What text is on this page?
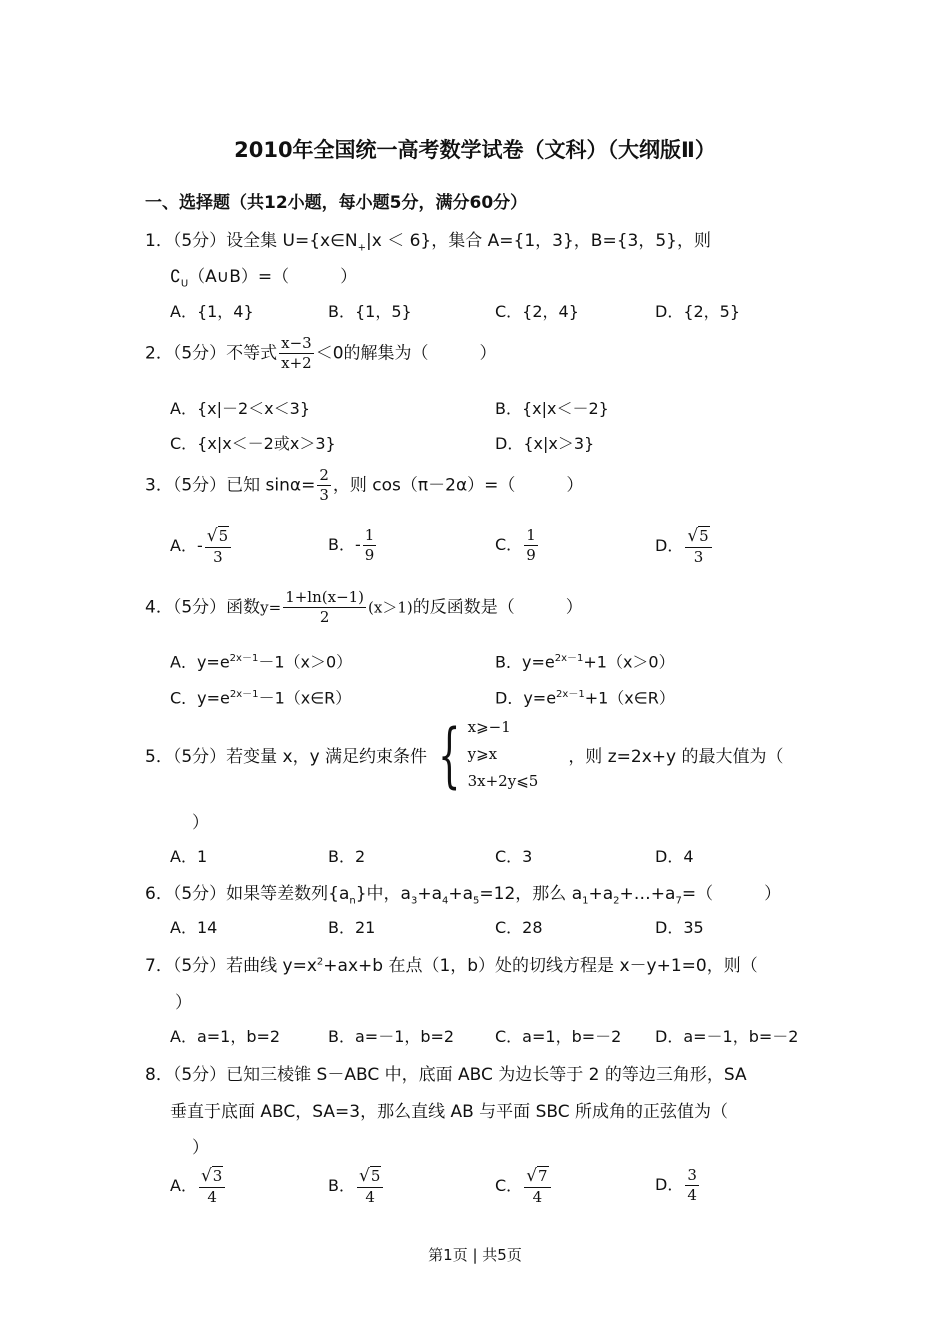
2010年全国统一高考数学试卷（文科）（大纲版Ⅱ）
一、选择题（共12小题，每小题5分，满分60分）
1．（5分）设全集 $U=\{x\in N_+|x < 6\}$，集合 A={1，3}，B={3，5}，则
$∁_U(A\cup B)=$（　　　）
A．{1，4}	B．{1，5}	C．{2，4}	D．{2，5}
2．（5分）不等式 $\frac{x-3}{x+2} <0$的解集为（　　　）
A．{x|－2＜x＜3}	B．{x|x＜－2}
C．{x|x＜－2或x＞3}	D．{x|x＞3}
3．（5分）已知 $\sin\alpha= \frac{2}{3}$ ，则 cos（π－2α）=（　　　）
A．- $\frac{√5}{3}$	B．- $\frac{1}{9}$	C． $\frac{1}{9}$	D． $\frac{√5}{3}$
4．（5分）函数$y= \frac{1+\ln(x-1)}{2} (x>1)$的反函数是（　　　）
A．$y=e^{2x-1}-1(x>0)$	B．$y=e^{2x-1}+1(x>0)$
C．$y=e^{2x-1}-1(x\in R)$	D．$y=e^{2x-1}+1(x\in R)$
5．（5分）若变量 x，y 满足约束条件 { x⩾−1
y⩾x
3x+2y⩽5
，则 z=2x+y 的最大值为（
）
A．1	B．2	C．3	D．4
6．（5分）如果等差数列$\{a_n\}$中，$a_3+a_4+a_5=12$，那么 $a_1+a_2+\dots+a_7=$（　　　）
A．14	B．21	C．28	D．35
7．（5分）若曲线 $y=x^2+ax+b$ 在点（1，b）处的切线方程是 x－y+1=0，则（
）
A．a=1，b=2	B．a=－1，b=2	C．a=1，b=－2 D．a=－1，b=－2
8．（5分）已知三棱锥 S－ABC 中，底面 ABC 为边长等于 2 的等边三角形，SA
垂直于底面 ABC，SA=3，那么直线 AB 与平面 SBC 所成角的正弦值为（
）
A． $\frac{√3}{4}$	B． $\frac{√5}{4}$	C． $\frac{√7}{4}$	D． $\frac{3}{4}$
第1页 | 共5页
